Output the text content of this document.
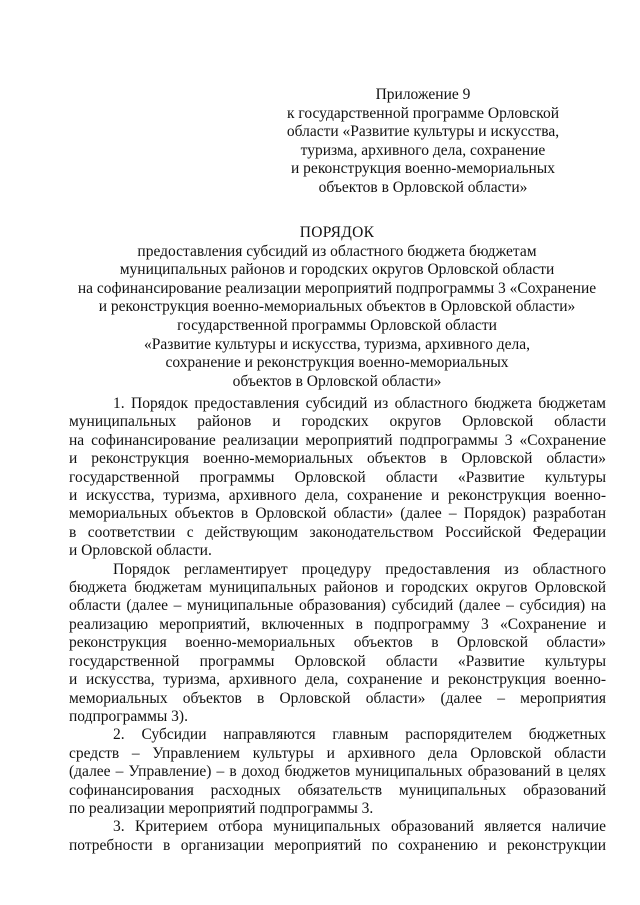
Приложение 9
к государственной программе Орловской
области «Развитие культуры и искусства,
туризма, архивного дела, сохранение
и реконструкция военно-мемориальных
объектов в Орловской области»
ПОРЯДОК
предоставления субсидий из областного бюджета бюджетам
муниципальных районов и городских округов Орловской области
на софинансирование реализации мероприятий подпрограммы 3 «Сохранение
и реконструкция военно-мемориальных объектов в Орловской области»
государственной программы Орловской области
«Развитие культуры и искусства, туризма, архивного дела,
сохранение и реконструкция военно-мемориальных
объектов в Орловской области»
1. Порядок предоставления субсидий из областного бюджета бюджетам
муниципальных районов и городских округов Орловской области
на софинансирование реализации мероприятий подпрограммы 3 «Сохранение
и реконструкция военно-мемориальных объектов в Орловской области»
государственной программы Орловской области «Развитие культуры
и искусства, туризма, архивного дела, сохранение и реконструкция военно-
мемориальных объектов в Орловской области» (далее – Порядок) разработан
в соответствии с действующим законодательством Российской Федерации
и Орловской области.
Порядок регламентирует процедуру предоставления из областного
бюджета бюджетам муниципальных районов и городских округов Орловской
области (далее – муниципальные образования) субсидий (далее – субсидия) на
реализацию мероприятий, включенных в подпрограмму 3 «Сохранение и
реконструкция военно-мемориальных объектов в Орловской области»
государственной программы Орловской области «Развитие культуры
и искусства, туризма, архивного дела, сохранение и реконструкция военно-
мемориальных объектов в Орловской области» (далее – мероприятия
подпрограммы 3).
2. Субсидии направляются главным распорядителем бюджетных
средств – Управлением культуры и архивного дела Орловской области
(далее – Управление) – в доход бюджетов муниципальных образований в целях
софинансирования расходных обязательств муниципальных образований
по реализации мероприятий подпрограммы 3.
3. Критерием отбора муниципальных образований является наличие
потребности в организации мероприятий по сохранению и реконструкции
